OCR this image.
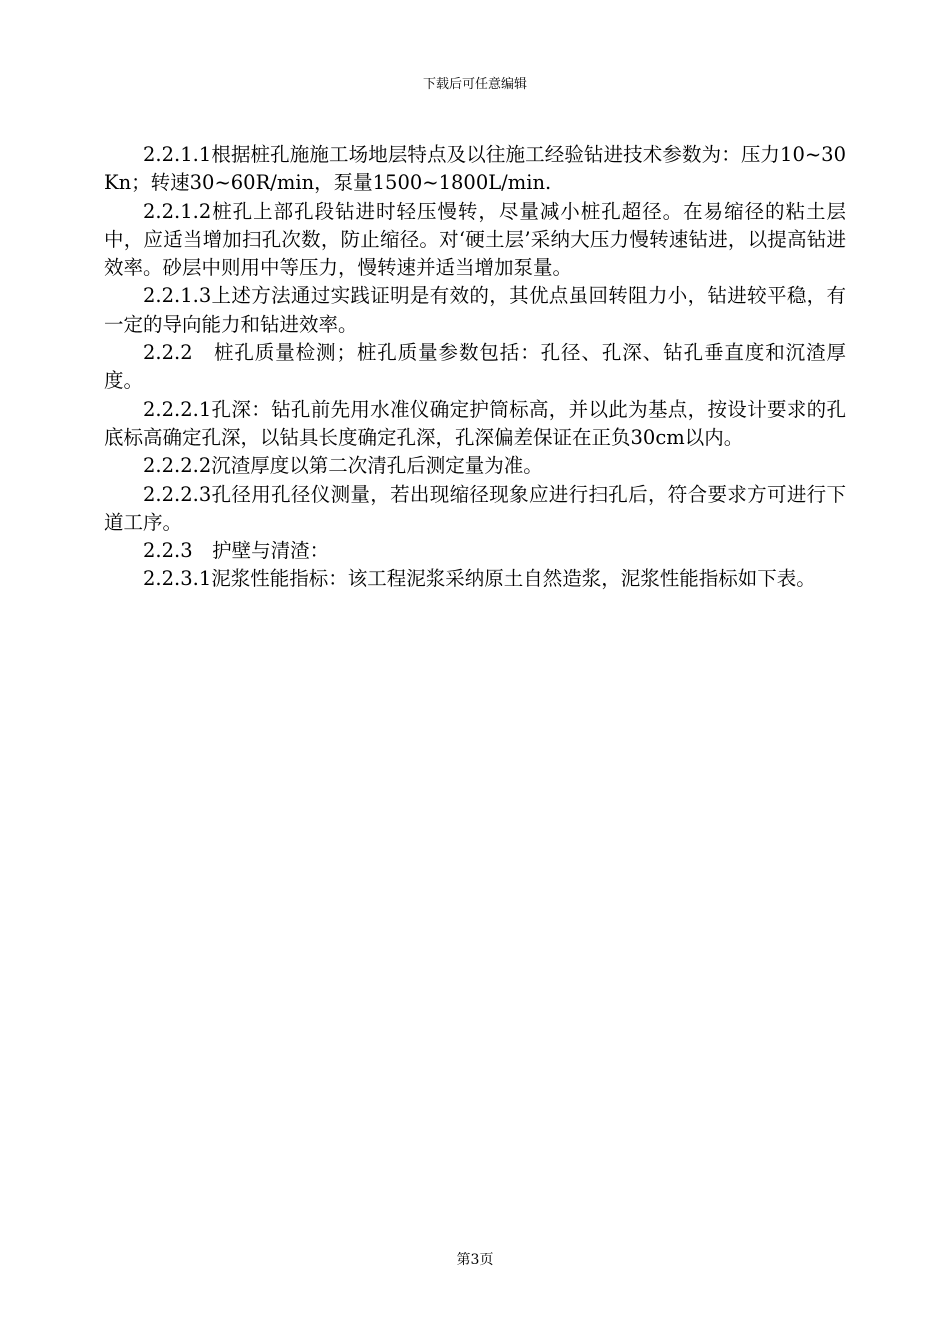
下载后可任意编辑

2.2.1.1根据桩孔施施工场地层特点及以往施工经验钻进技术参数为：压力10~30Kn；转速30~60R/min，泵量1500~1800L/min.

2.2.1.2桩孔上部孔段钻进时轻压慢转，尽量减小桩孔超径。在易缩径的粘土层中，应适当增加扫孔次数，防止缩径。对‘硬土层’采纳大压力慢转速钻进，以提高钻进效率。砂层中则用中等压力，慢转速并适当增加泵量。

2.2.1.3上述方法通过实践证明是有效的，其优点虽回转阻力小，钻进较平稳，有一定的导向能力和钻进效率。

2.2.2　桩孔质量检测；桩孔质量参数包括：孔径、孔深、钻孔垂直度和沉渣厚度。

2.2.2.1孔深：钻孔前先用水准仪确定护筒标高，并以此为基点，按设计要求的孔底标高确定孔深，以钻具长度确定孔深，孔深偏差保证在正负30cm以内。

2.2.2.2沉渣厚度以第二次清孔后测定量为准。

2.2.2.3孔径用孔径仪测量，若出现缩径现象应进行扫孔后，符合要求方可进行下道工序。

2.2.3　护壁与清渣：

2.2.3.1泥浆性能指标：该工程泥浆采纳原土自然造浆，泥浆性能指标如下表。

第3页
